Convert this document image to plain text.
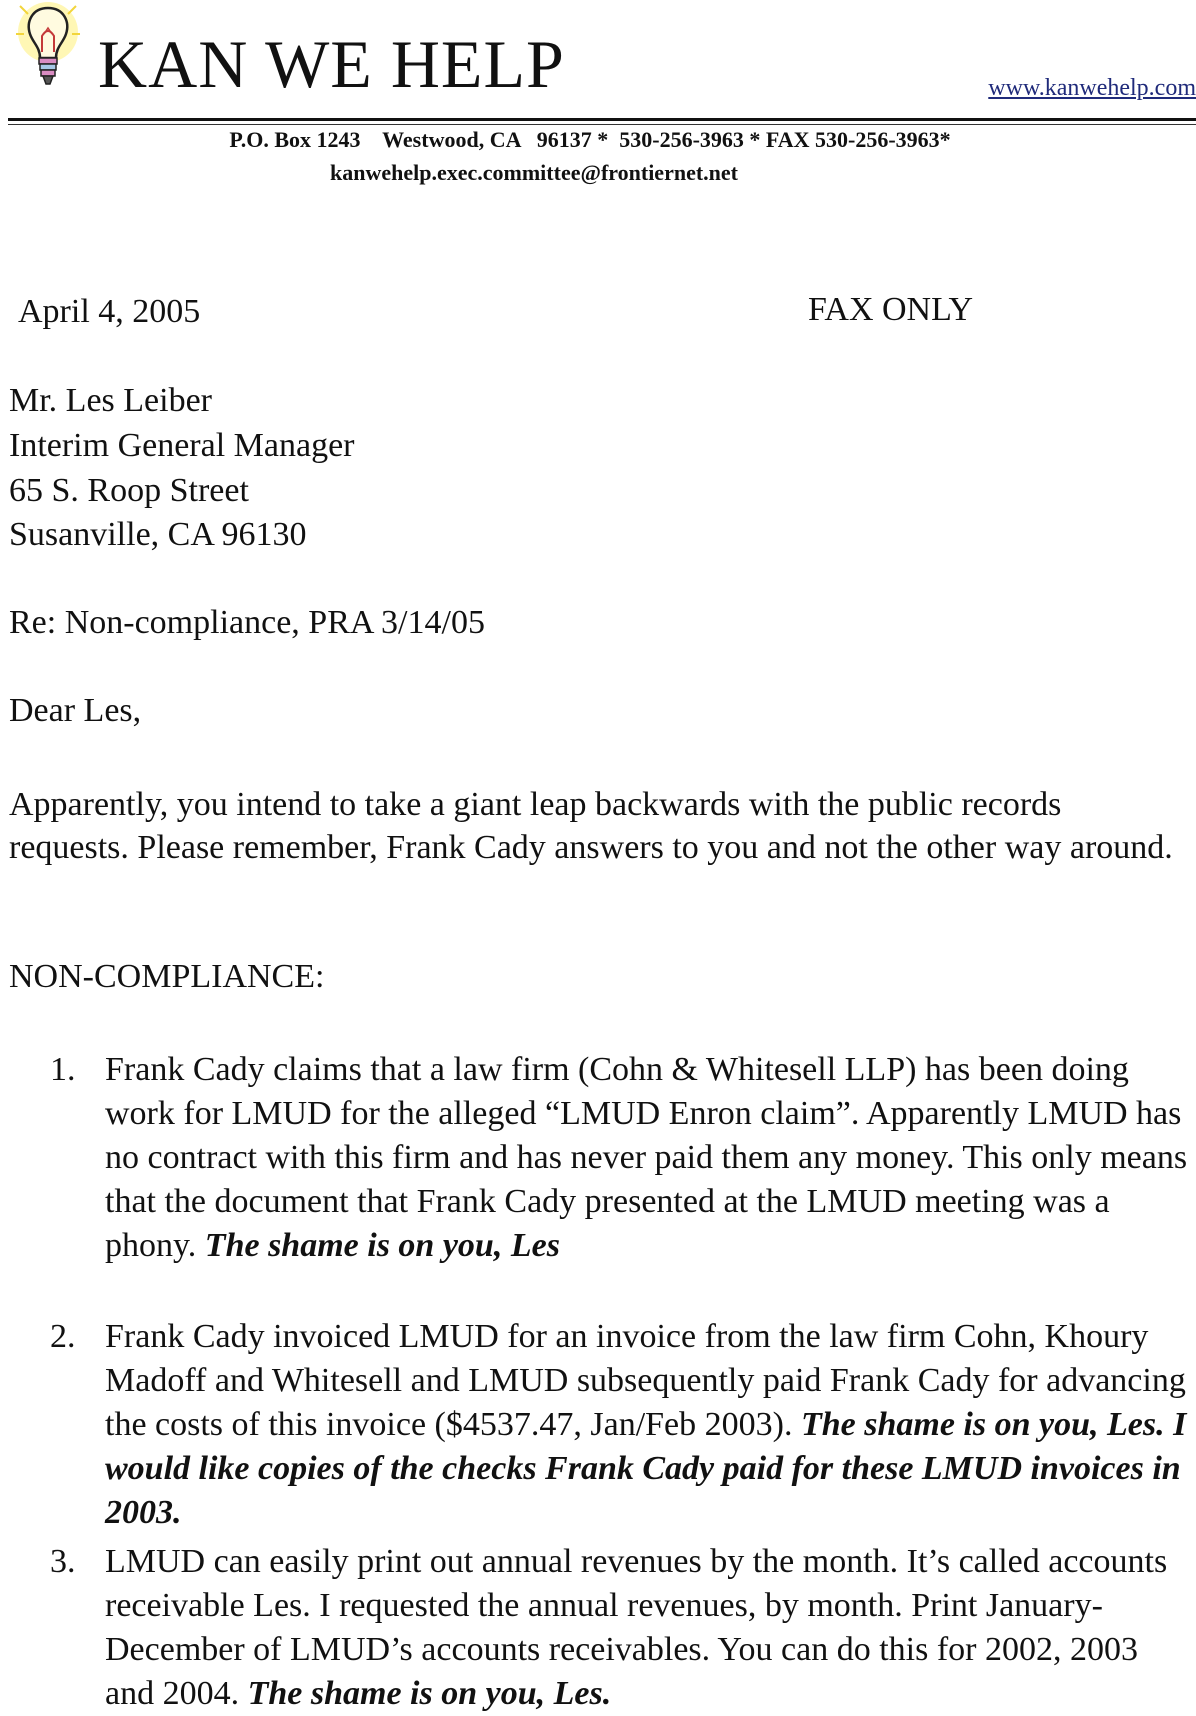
KAN WE HELP	www.kanwehelp.com
P.O. Box 1243    Westwood, CA   96137 *  530-256-3963 * FAX 530-256-3963*
kanwehelp.exec.committee@frontiernet.net
April 4, 2005	FAX ONLY
Mr. Les Leiber
Interim General Manager
65 S. Roop Street
Susanville, CA 96130
Re: Non-compliance, PRA 3/14/05
Dear Les,
Apparently, you intend to take a giant leap backwards with the public records requests. Please remember, Frank Cady answers to you and not the other way around.
NON-COMPLIANCE:
1. Frank Cady claims that a law firm (Cohn & Whitesell LLP) has been doing work for LMUD for the alleged “LMUD Enron claim”. Apparently LMUD has no contract with this firm and has never paid them any money. This only means that the document that Frank Cady presented at the LMUD meeting was a phony. The shame is on you, Les
2. Frank Cady invoiced LMUD for an invoice from the law firm Cohn, Khoury Madoff and Whitesell and LMUD subsequently paid Frank Cady for advancing the costs of this invoice ($4537.47, Jan/Feb 2003). The shame is on you, Les. I would like copies of the checks Frank Cady paid for these LMUD invoices in 2003.
3. LMUD can easily print out annual revenues by the month. It’s called accounts receivable Les. I requested the annual revenues, by month. Print January-December of LMUD’s accounts receivables. You can do this for 2002, 2003 and 2004. The shame is on you, Les.
